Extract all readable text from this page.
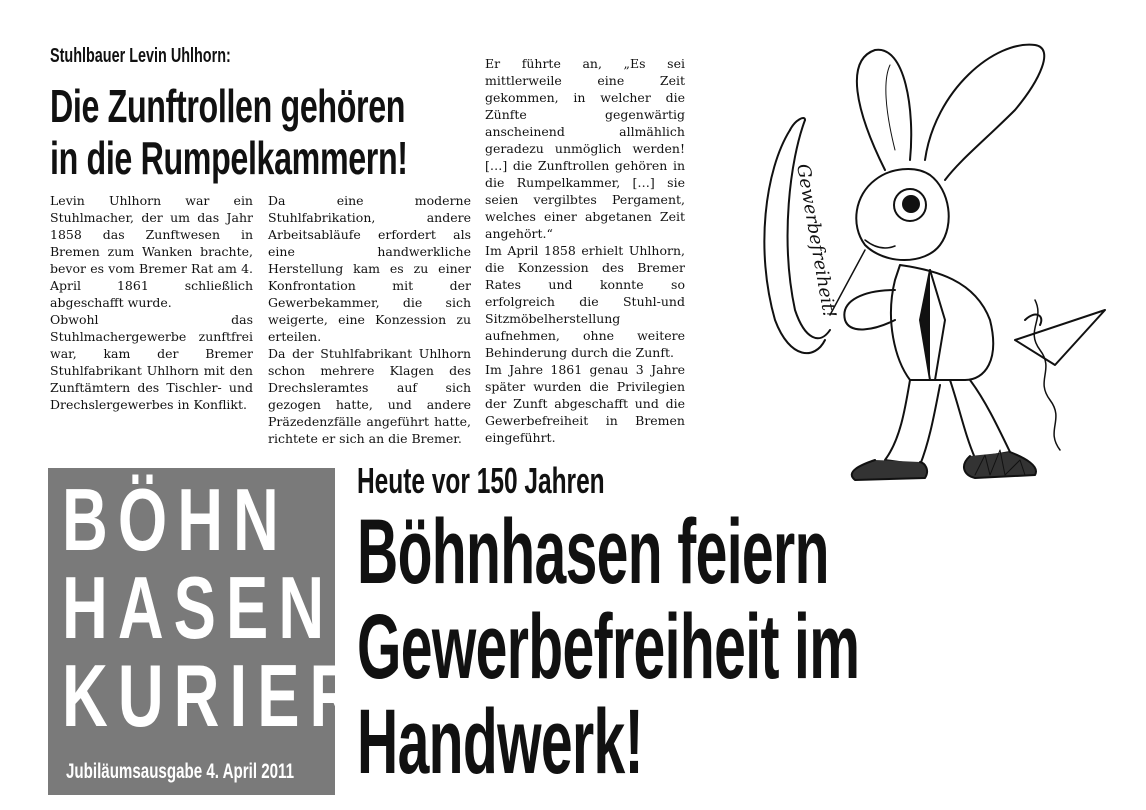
Stuhlbauer Levin Uhlhorn:
Die Zunftrollen gehören
in die Rumpelkammern!

Levin Uhlhorn war ein Stuhlmacher, der um das Jahr 1858 das Zunftwesen in Bremen zum Wanken brachte, bevor es vom Bremer Rat am 4. April 1861 schließlich abgeschafft wurde.

Obwohl das Stuhlmachergewerbe zunftfrei war, kam der Bremer Stuhlfabrikant Uhlhorn mit den Zunftämtern des Tischler- und Drechslergewerbes in Konflikt.

Da eine moderne Stuhlfabrikation, andere Arbeitsabläufe erfordert als eine handwerkliche Herstellung kam es zu einer Konfrontation mit der Gewerbekammer, die sich weigerte, eine Konzession zu erteilen.

Da der Stuhlfabrikant Uhlhorn schon mehrere Klagen des Drechsleramtes auf sich gezogen hatte, und andere Präzedenzfälle angeführt hatte, richtete er sich an die Bremer.

Er führte an, „Es sei mittlerweile eine Zeit gekommen, in welcher die Zünfte gegenwärtig anscheinend allmählich geradezu unmöglich werden! […] die Zunftrollen gehören in die Rumpelkammer, […] sie seien vergilbtes Pergament, welches einer abgetanen Zeit angehört.“

Im April 1858 erhielt Uhlhorn, die Konzession des Bremer Rates und konnte so erfolgreich die Stuhl-und Sitzmöbelherstellung aufnehmen, ohne weitere Behinderung durch die Zunft.

Im Jahre 1861 genau 3 Jahre später wurden die Privilegien der Zunft abgeschafft und die Gewerbefreiheit in Bremen eingeführt.

Gewerbefreiheit!
BÖHN
HASEN
KURIER
Jubiläumsausgabe 4. April 2011
Heute vor 150 Jahren
Böhnhasen feiern
Gewerbefreiheit im
Handwerk!
